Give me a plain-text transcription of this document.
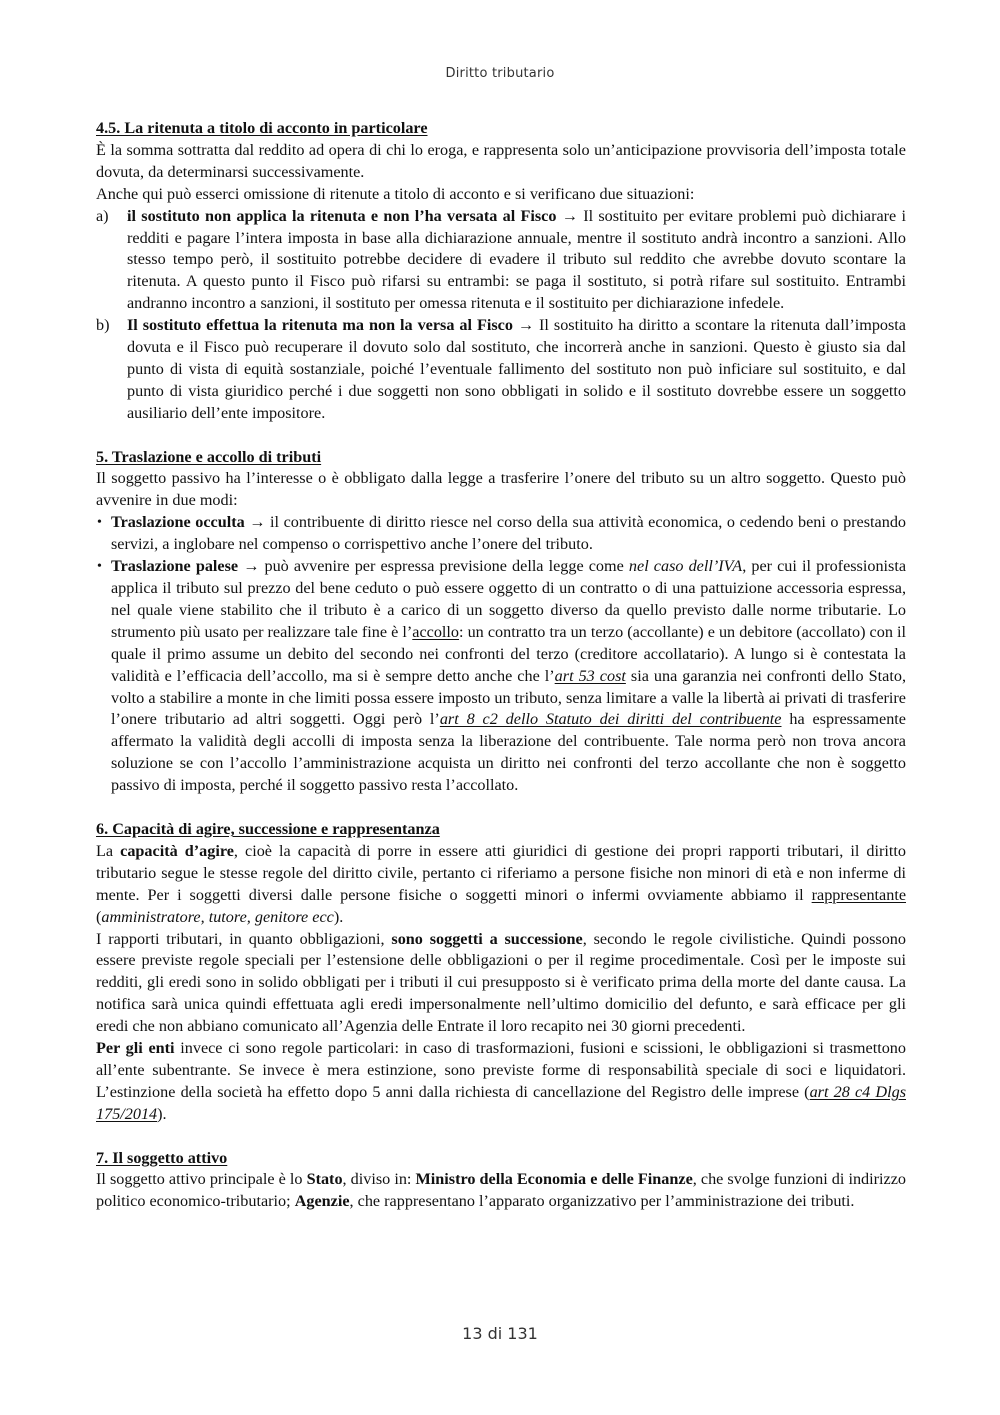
Diritto tributario

4.5. La ritenuta a titolo di acconto in particolare

È la somma sottratta dal reddito ad opera di chi lo eroga, e rappresenta solo un’anticipazione provvisoria dell’imposta totale dovuta, da determinarsi successivamente.

Anche qui può esserci omissione di ritenute a titolo di acconto e si verificano due situazioni:

a) il sostituto non applica la ritenuta e non l’ha versata al Fisco → Il sostituito per evitare problemi può dichiarare i redditi e pagare l’intera imposta in base alla dichiarazione annuale, mentre il sostituto andrà incontro a sanzioni. Allo stesso tempo però, il sostituito potrebbe decidere di evadere il tributo sul reddito che avrebbe dovuto scontare la ritenuta. A questo punto il Fisco può rifarsi su entrambi: se paga il sostituto, si potrà rifare sul sostituito. Entrambi andranno incontro a sanzioni, il sostituto per omessa ritenuta e il sostituito per dichiarazione infedele.
b) Il sostituto effettua la ritenuta ma non la versa al Fisco → Il sostituito ha diritto a scontare la ritenuta dall’imposta dovuta e il Fisco può recuperare il dovuto solo dal sostituto, che incorrerà anche in sanzioni. Questo è giusto sia dal punto di vista di equità sostanziale, poiché l’eventuale fallimento del sostituto non può inficiare sul sostituito, e dal punto di vista giuridico perché i due soggetti non sono obbligati in solido e il sostituto dovrebbe essere un soggetto ausiliario dell’ente impositore.

5. Traslazione e accollo di tributi

Il soggetto passivo ha l’interesse o è obbligato dalla legge a trasferire l’onere del tributo su un altro soggetto. Questo può avvenire in due modi:

• Traslazione occulta → il contribuente di diritto riesce nel corso della sua attività economica, o cedendo beni o prestando servizi, a inglobare nel compenso o corrispettivo anche l’onere del tributo.
• Traslazione palese → può avvenire per espressa previsione della legge come nel caso dell’IVA, per cui il professionista applica il tributo sul prezzo del bene ceduto o può essere oggetto di un contratto o di una pattuizione accessoria espressa, nel quale viene stabilito che il tributo è a carico di un soggetto diverso da quello previsto dalle norme tributarie. Lo strumento più usato per realizzare tale fine è l’accollo: un contratto tra un terzo (accollante) e un debitore (accollato) con il quale il primo assume un debito del secondo nei confronti del terzo (creditore accollatario). A lungo si è contestata la validità e l’efficacia dell’accollo, ma si è sempre detto anche che l’art 53 cost sia una garanzia nei confronti dello Stato, volto a stabilire a monte in che limiti possa essere imposto un tributo, senza limitare a valle la libertà ai privati di trasferire l’onere tributario ad altri soggetti. Oggi però l’art 8 c2 dello Statuto dei diritti del contribuente ha espressamente affermato la validità degli accolli di imposta senza la liberazione del contribuente. Tale norma però non trova ancora soluzione se con l’accollo l’amministrazione acquista un diritto nei confronti del terzo accollante che non è soggetto passivo di imposta, perché il soggetto passivo resta l’accollato.

6. Capacità di agire, successione e rappresentanza

La capacità d’agire, cioè la capacità di porre in essere atti giuridici di gestione dei propri rapporti tributari, il diritto tributario segue le stesse regole del diritto civile, pertanto ci riferiamo a persone fisiche non minori di età e non inferme di mente. Per i soggetti diversi dalle persone fisiche o soggetti minori o infermi ovviamente abbiamo il rappresentante (amministratore, tutore, genitore ecc).

I rapporti tributari, in quanto obbligazioni, sono soggetti a successione, secondo le regole civilistiche. Quindi possono essere previste regole speciali per l’estensione delle obbligazioni o per il regime procedimentale. Così per le imposte sui redditi, gli eredi sono in solido obbligati per i tributi il cui presupposto si è verificato prima della morte del dante causa. La notifica sarà unica quindi effettuata agli eredi impersonalmente nell’ultimo domicilio del defunto, e sarà efficace per gli eredi che non abbiano comunicato all’Agenzia delle Entrate il loro recapito nei 30 giorni precedenti.

Per gli enti invece ci sono regole particolari: in caso di trasformazioni, fusioni e scissioni, le obbligazioni si trasmettono all’ente subentrante. Se invece è mera estinzione, sono previste forme di responsabilità speciale di soci e liquidatori. L’estinzione della società ha effetto dopo 5 anni dalla richiesta di cancellazione del Registro delle imprese (art 28 c4 Dlgs 175/2014).

7. Il soggetto attivo

Il soggetto attivo principale è lo Stato, diviso in: Ministro della Economia e delle Finanze, che svolge funzioni di indirizzo politico economico-tributario; Agenzie, che rappresentano l’apparato organizzativo per l’amministrazione dei tributi.

13 di 131
